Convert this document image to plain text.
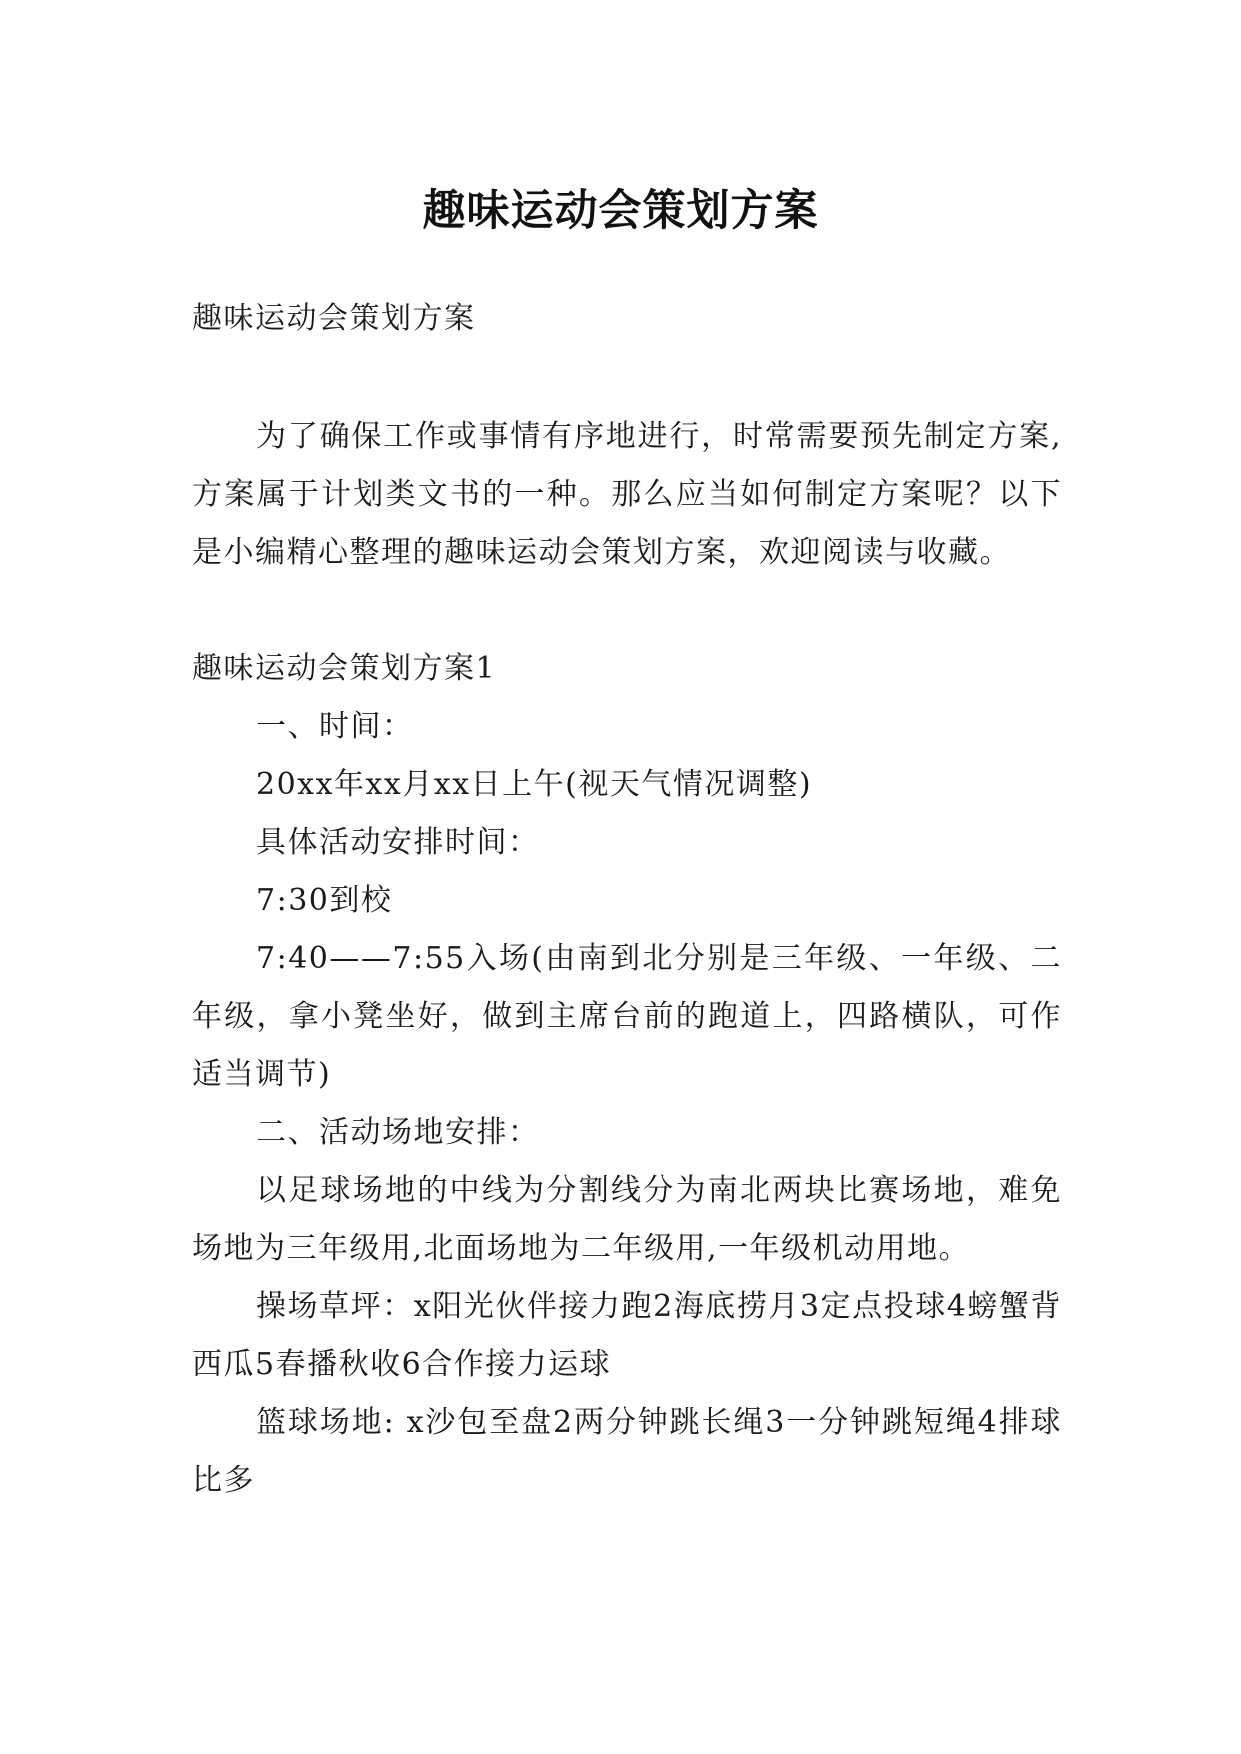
趣味运动会策划方案

趣味运动会策划方案

为了确保工作或事情有序地进行，时常需要预先制定方案,方案属于计划类文书的一种。那么应当如何制定方案呢？以下是小编精心整理的趣味运动会策划方案，欢迎阅读与收藏。

趣味运动会策划方案1

一、时间：

20xx年xx月xx日上午(视天气情况调整)

具体活动安排时间：

7:30到校

7:40——7:55入场(由南到北分别是三年级、一年级、二年级，拿小凳坐好，做到主席台前的跑道上，四路横队，可作适当调节)

二、活动场地安排：

以足球场地的中线为分割线分为南北两块比赛场地，难免场地为三年级用,北面场地为二年级用,一年级机动用地。

操场草坪：x阳光伙伴接力跑2海底捞月3定点投球4螃蟹背西瓜5春播秋收6合作接力运球

篮球场地: x沙包至盘2两分钟跳长绳3一分钟跳短绳4排球比多
